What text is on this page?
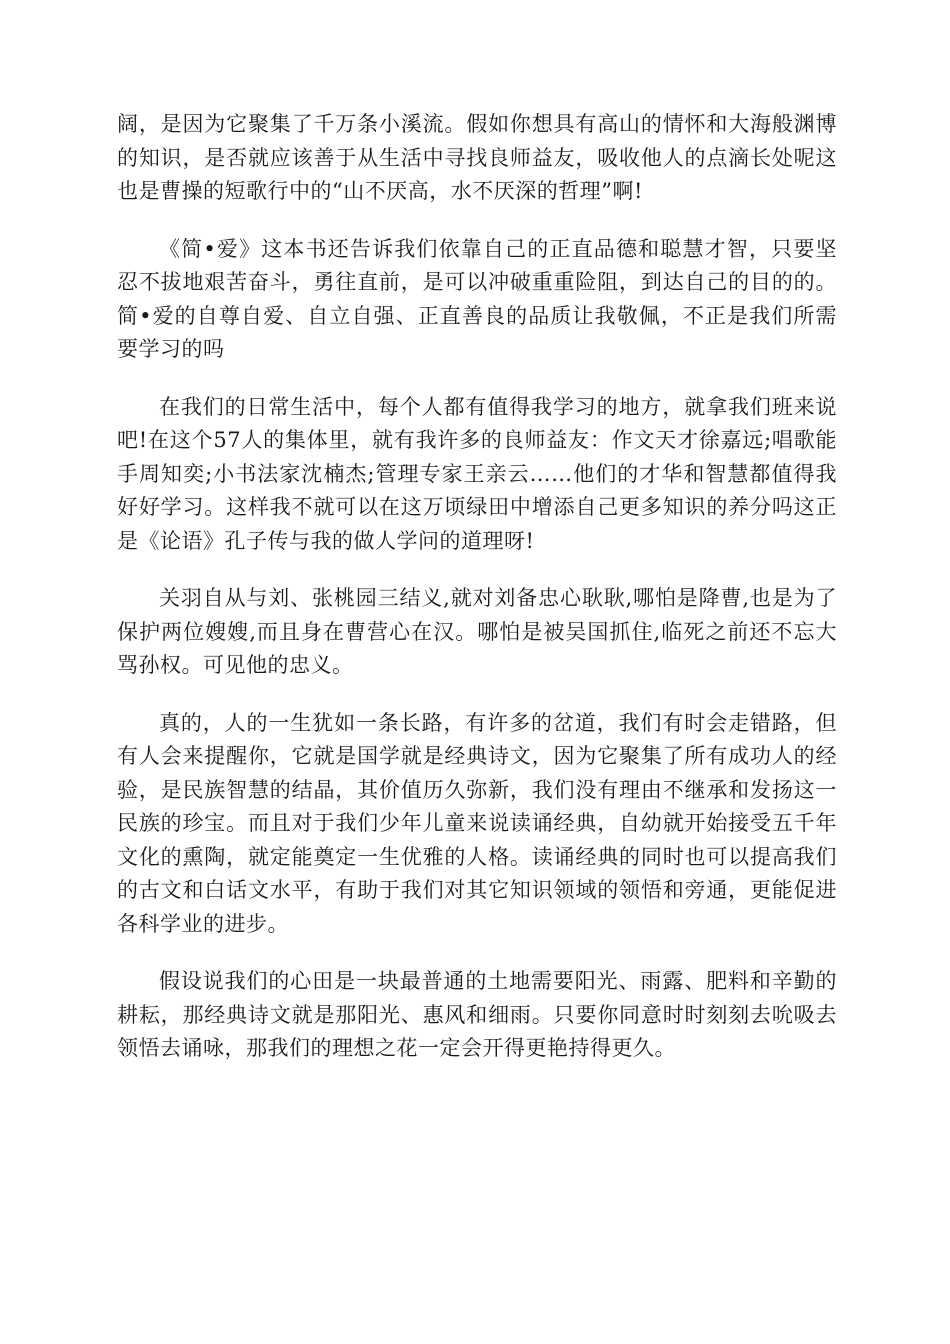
阔，是因为它聚集了千万条小溪流。假如你想具有高山的情怀和大海般渊博的知识，是否就应该善于从生活中寻找良师益友，吸收他人的点滴长处呢这也是曹操的短歌行中的“山不厌高，水不厌深的哲理”啊!

《简•爱》这本书还告诉我们依靠自己的正直品德和聪慧才智，只要坚忍不拔地艰苦奋斗，勇往直前，是可以冲破重重险阻，到达自己的目的的。简•爱的自尊自爱、自立自强、正直善良的品质让我敬佩，不正是我们所需要学习的吗

在我们的日常生活中，每个人都有值得我学习的地方，就拿我们班来说吧!在这个57人的集体里，就有我许多的良师益友：作文天才徐嘉远;唱歌能手周知奕;小书法家沈楠杰;管理专家王亲云……他们的才华和智慧都值得我好好学习。这样我不就可以在这万顷绿田中增添自己更多知识的养分吗这正是《论语》孔子传与我的做人学问的道理呀!

关羽自从与刘、张桃园三结义,就对刘备忠心耿耿,哪怕是降曹,也是为了保护两位嫂嫂,而且身在曹营心在汉。哪怕是被吴国抓住,临死之前还不忘大骂孙权。可见他的忠义。

真的，人的一生犹如一条长路，有许多的岔道，我们有时会走错路，但有人会来提醒你，它就是国学就是经典诗文，因为它聚集了所有成功人的经验，是民族智慧的结晶，其价值历久弥新，我们没有理由不继承和发扬这一民族的珍宝。而且对于我们少年儿童来说读诵经典，自幼就开始接受五千年文化的熏陶，就定能奠定一生优雅的人格。读诵经典的同时也可以提高我们的古文和白话文水平，有助于我们对其它知识领域的领悟和旁通，更能促进各科学业的进步。

假设说我们的心田是一块最普通的土地需要阳光、雨露、肥料和辛勤的耕耘，那经典诗文就是那阳光、惠风和细雨。只要你同意时时刻刻去吮吸去领悟去诵咏，那我们的理想之花一定会开得更艳持得更久。
